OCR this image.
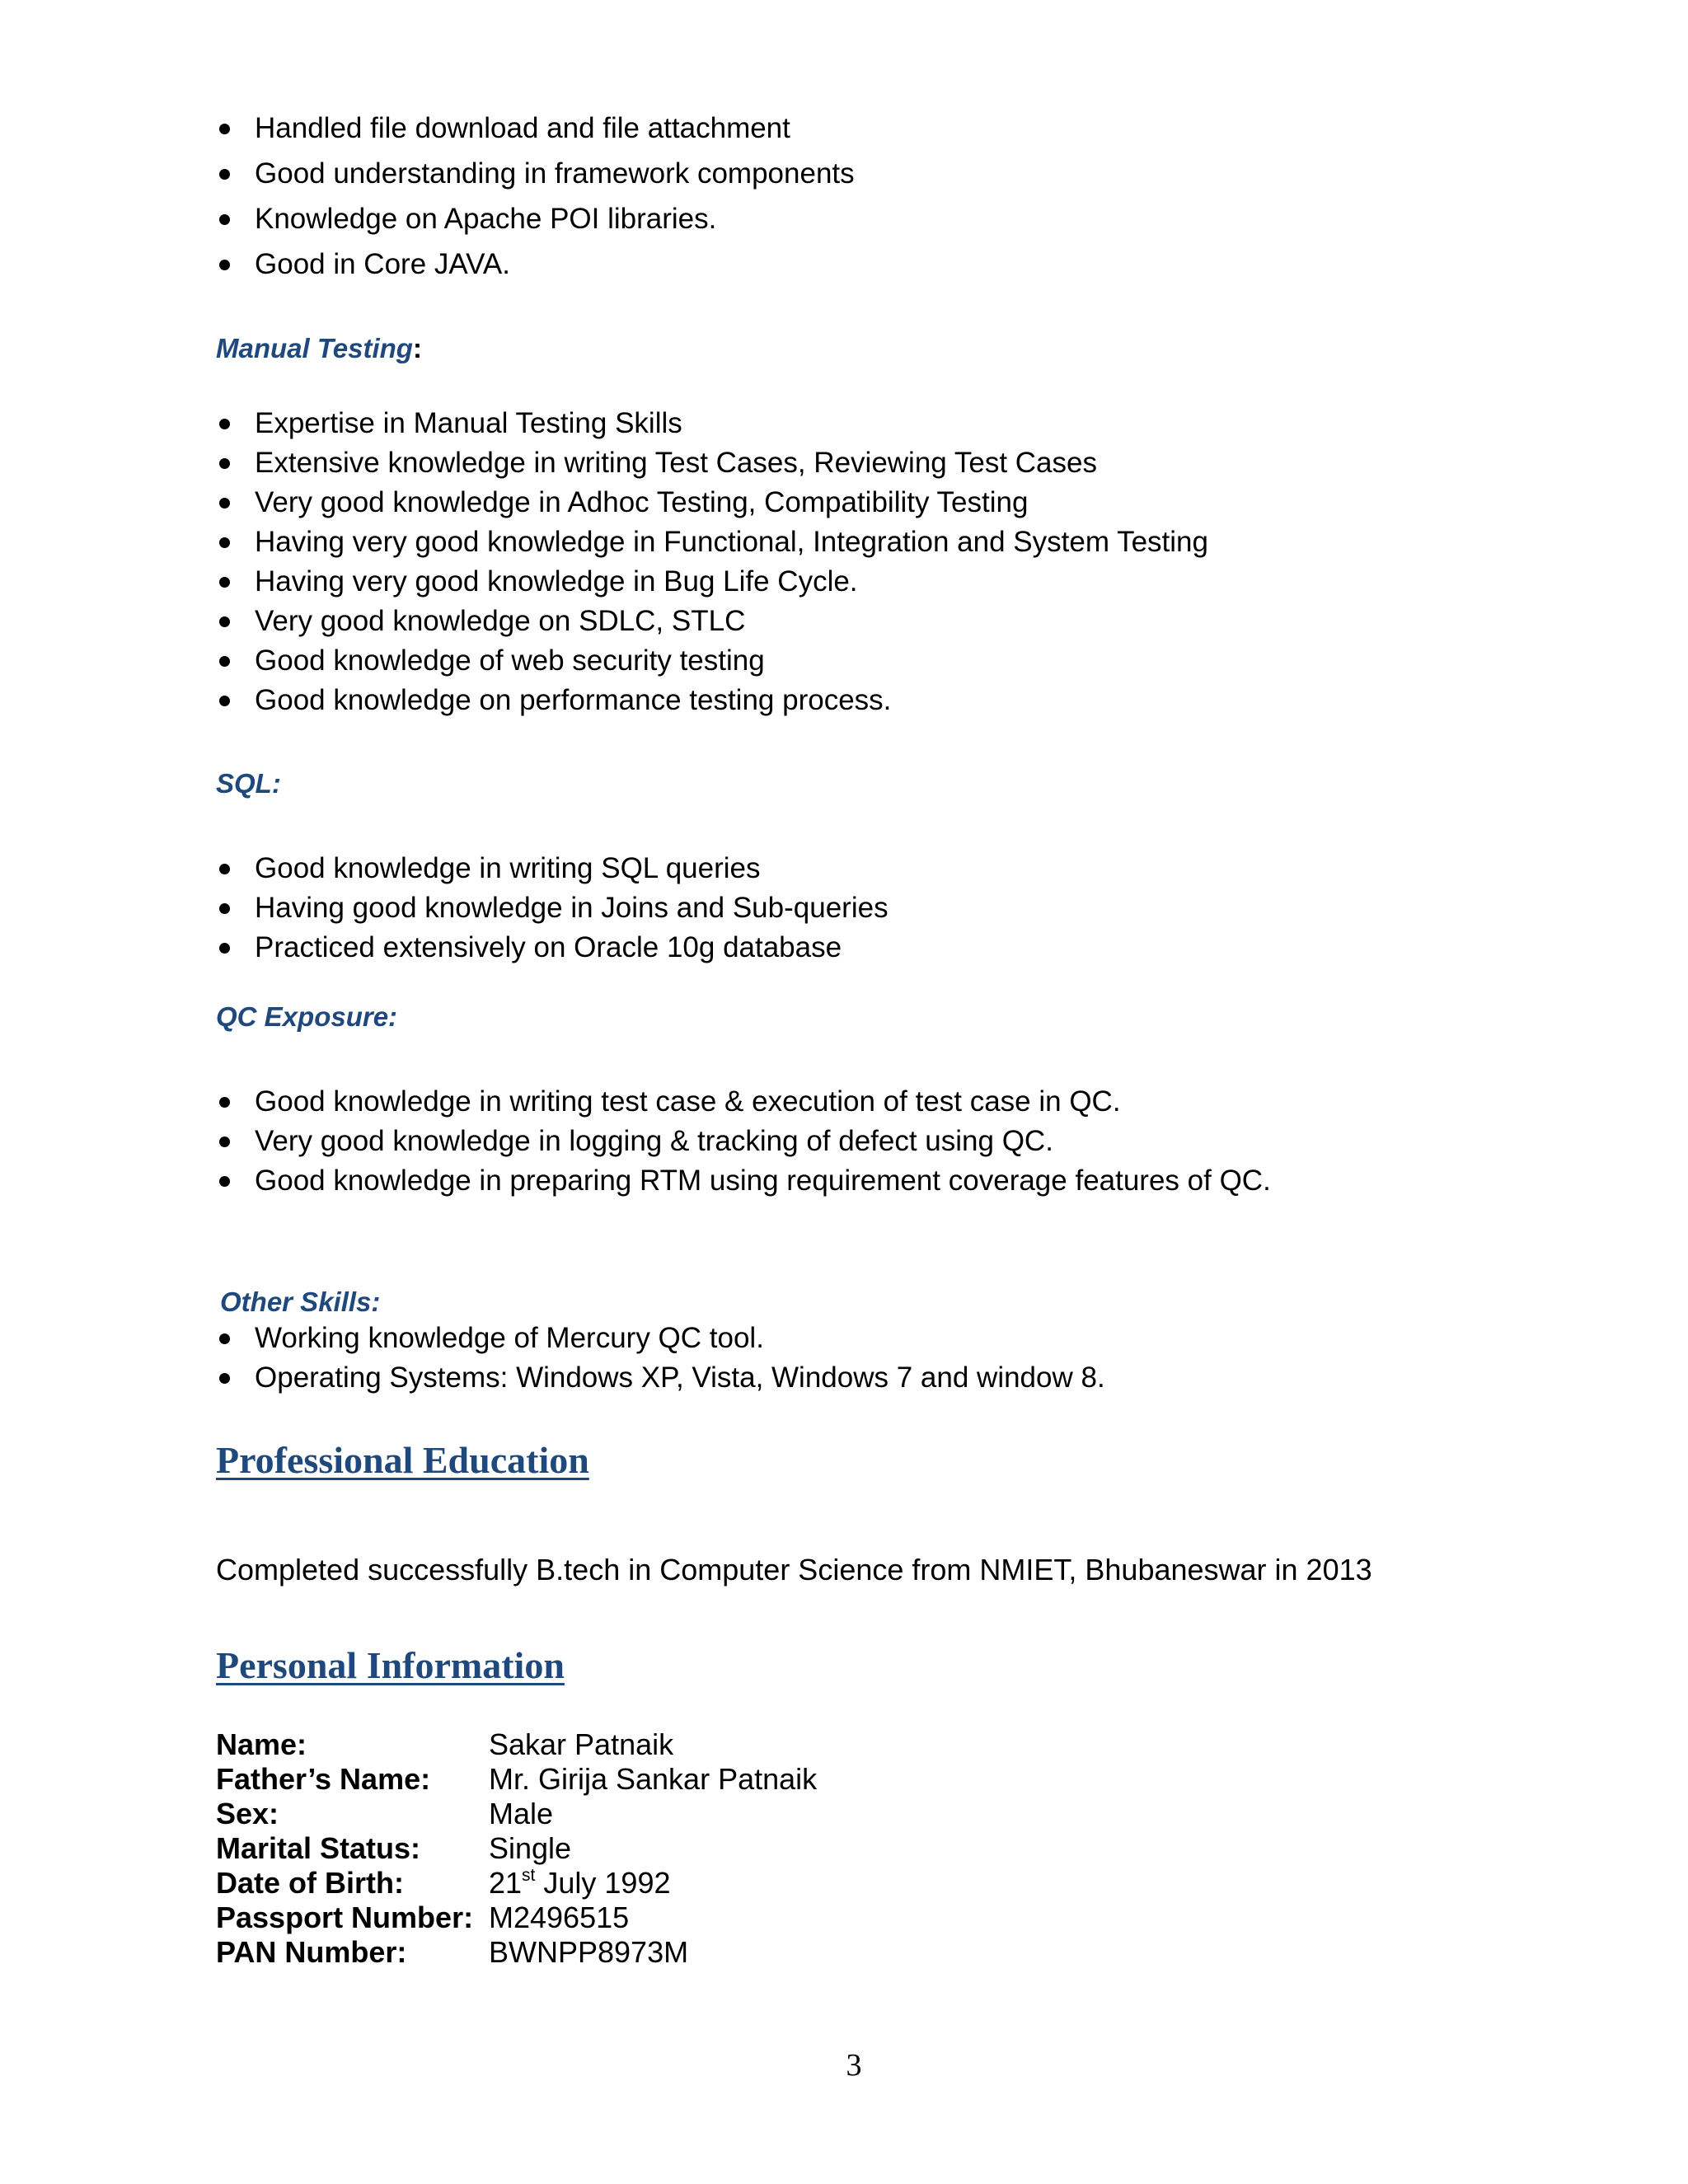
Handled file download and file attachment
Good understanding in framework components
Knowledge on Apache POI libraries.
Good in Core JAVA.
Manual Testing:
Expertise in Manual Testing Skills
Extensive knowledge in writing Test Cases, Reviewing Test Cases
Very good knowledge in Adhoc Testing, Compatibility Testing
Having very good knowledge in Functional, Integration and System Testing
Having very good knowledge in Bug Life Cycle.
Very good knowledge on SDLC, STLC
Good knowledge of web security testing
Good knowledge on performance testing process.
SQL:
Good knowledge in writing SQL queries
Having good knowledge in Joins and Sub-queries
Practiced extensively on Oracle 10g database
QC Exposure:
Good knowledge in writing test case & execution of test case in QC.
Very good knowledge in logging & tracking of defect using QC.
Good knowledge in preparing RTM using requirement coverage features of QC.
Other Skills:
Working knowledge of Mercury QC tool.
Operating Systems: Windows XP, Vista, Windows 7 and window 8.
Professional Education
Completed successfully B.tech in Computer Science from NMIET, Bhubaneswar in 2013
Personal Information
Name:	Sakar Patnaik
Father’s Name: Mr. Girija Sankar Patnaik
Sex:	Male
Marital Status: Single
Date of Birth:	21st July 1992
Passport Number: M2496515
PAN Number:	BWNPP8973M
3
